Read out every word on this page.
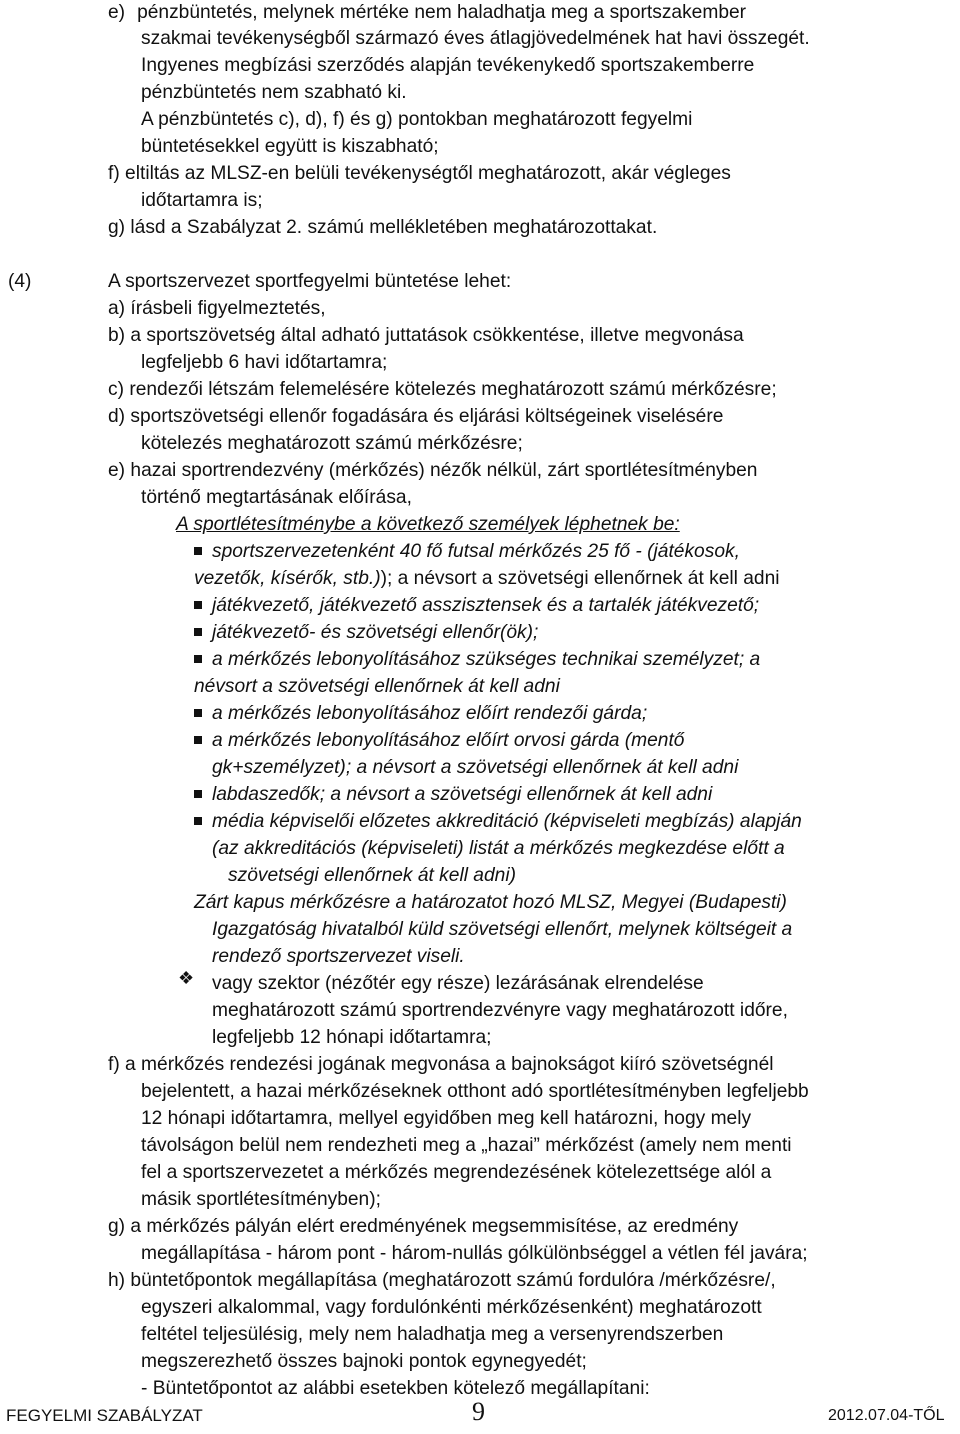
e) pénzbüntetés, melynek mértéke nem haladhatja meg a sportszakember
szakmai tevékenységből származó éves átlagjövedelmének hat havi összegét.
Ingyenes megbízási szerződés alapján tevékenykedő sportszakemberre
pénzbüntetés nem szabható ki.
A pénzbüntetés c), d), f) és g) pontokban meghatározott fegyelmi
büntetésekkel együtt is kiszabható;
f) eltiltás az MLSZ-en belüli tevékenységtől meghatározott, akár végleges
időtartamra is;
g) lásd a Szabályzat 2. számú mellékletében meghatározottakat.
(4)	A sportszervezet sportfegyelmi büntetése lehet:
a) írásbeli figyelmeztetés,
b) a sportszövetség által adható juttatások csökkentése, illetve megvonása
legfeljebb 6 havi időtartamra;
c) rendezői létszám felemelésére kötelezés meghatározott számú mérkőzésre;
d) sportszövetségi ellenőr fogadására és eljárási költségeinek viselésére
kötelezés meghatározott számú mérkőzésre;
e) hazai sportrendezvény (mérkőzés) nézők nélkül, zárt sportlétesítményben
történő megtartásának előírása,
A sportlétesítménybe a következő személyek léphetnek be:
sportszervezetenként 40 fő futsal mérkőzés 25 fő - (játékosok,
vezetők, kísérők, stb.)); a névsort a szövetségi ellenőrnek át kell adni
játékvezető, játékvezető asszisztensek és a tartalék játékvezető;
játékvezető- és szövetségi ellenőr(ök);
a mérkőzés lebonyolításához szükséges technikai személyzet; a
névsort a szövetségi ellenőrnek át kell adni
a mérkőzés lebonyolításához előírt rendezői gárda;
a mérkőzés lebonyolításához előírt orvosi gárda (mentő
gk+személyzet); a névsort a szövetségi ellenőrnek át kell adni
labdaszedők; a névsort a szövetségi ellenőrnek át kell adni
média képviselői előzetes akkreditáció (képviseleti megbízás) alapján
(az akkreditációs (képviseleti) listát a mérkőzés megkezdése előtt a
szövetségi ellenőrnek át kell adni)
Zárt kapus mérkőzésre a határozatot hozó MLSZ, Megyei (Budapesti)
Igazgatóság hivatalból küld szövetségi ellenőrt, melynek költségeit a
rendező sportszervezet viseli.
❖ vagy szektor (nézőtér egy része) lezárásának elrendelése
meghatározott számú sportrendezvényre vagy meghatározott időre,
legfeljebb 12 hónapi időtartamra;
f) a mérkőzés rendezési jogának megvonása a bajnokságot kiíró szövetségnél
bejelentett, a hazai mérkőzéseknek otthont adó sportlétesítményben legfeljebb
12 hónapi időtartamra, mellyel egyidőben meg kell határozni, hogy mely
távolságon belül nem rendezheti meg a „hazai” mérkőzést (amely nem menti
fel a sportszervezetet a mérkőzés megrendezésének kötelezettsége alól a
másik sportlétesítményben);
g) a mérkőzés pályán elért eredményének megsemmisítése, az eredmény
megállapítása - három pont - három-nullás gólkülönbséggel a vétlen fél javára;
h) büntetőpontok megállapítása (meghatározott számú fordulóra /mérkőzésre/,
egyszeri alkalommal, vagy fordulónkénti mérkőzésenként) meghatározott
feltétel teljesülésig, mely nem haladhatja meg a versenyrendszerben
megszerezhető összes bajnoki pontok egynegyedét;
- Büntetőpontot az alábbi esetekben kötelező megállapítani:
FEGYELMI SZABÁLYZAT	9	2012.07.04-TŐL
